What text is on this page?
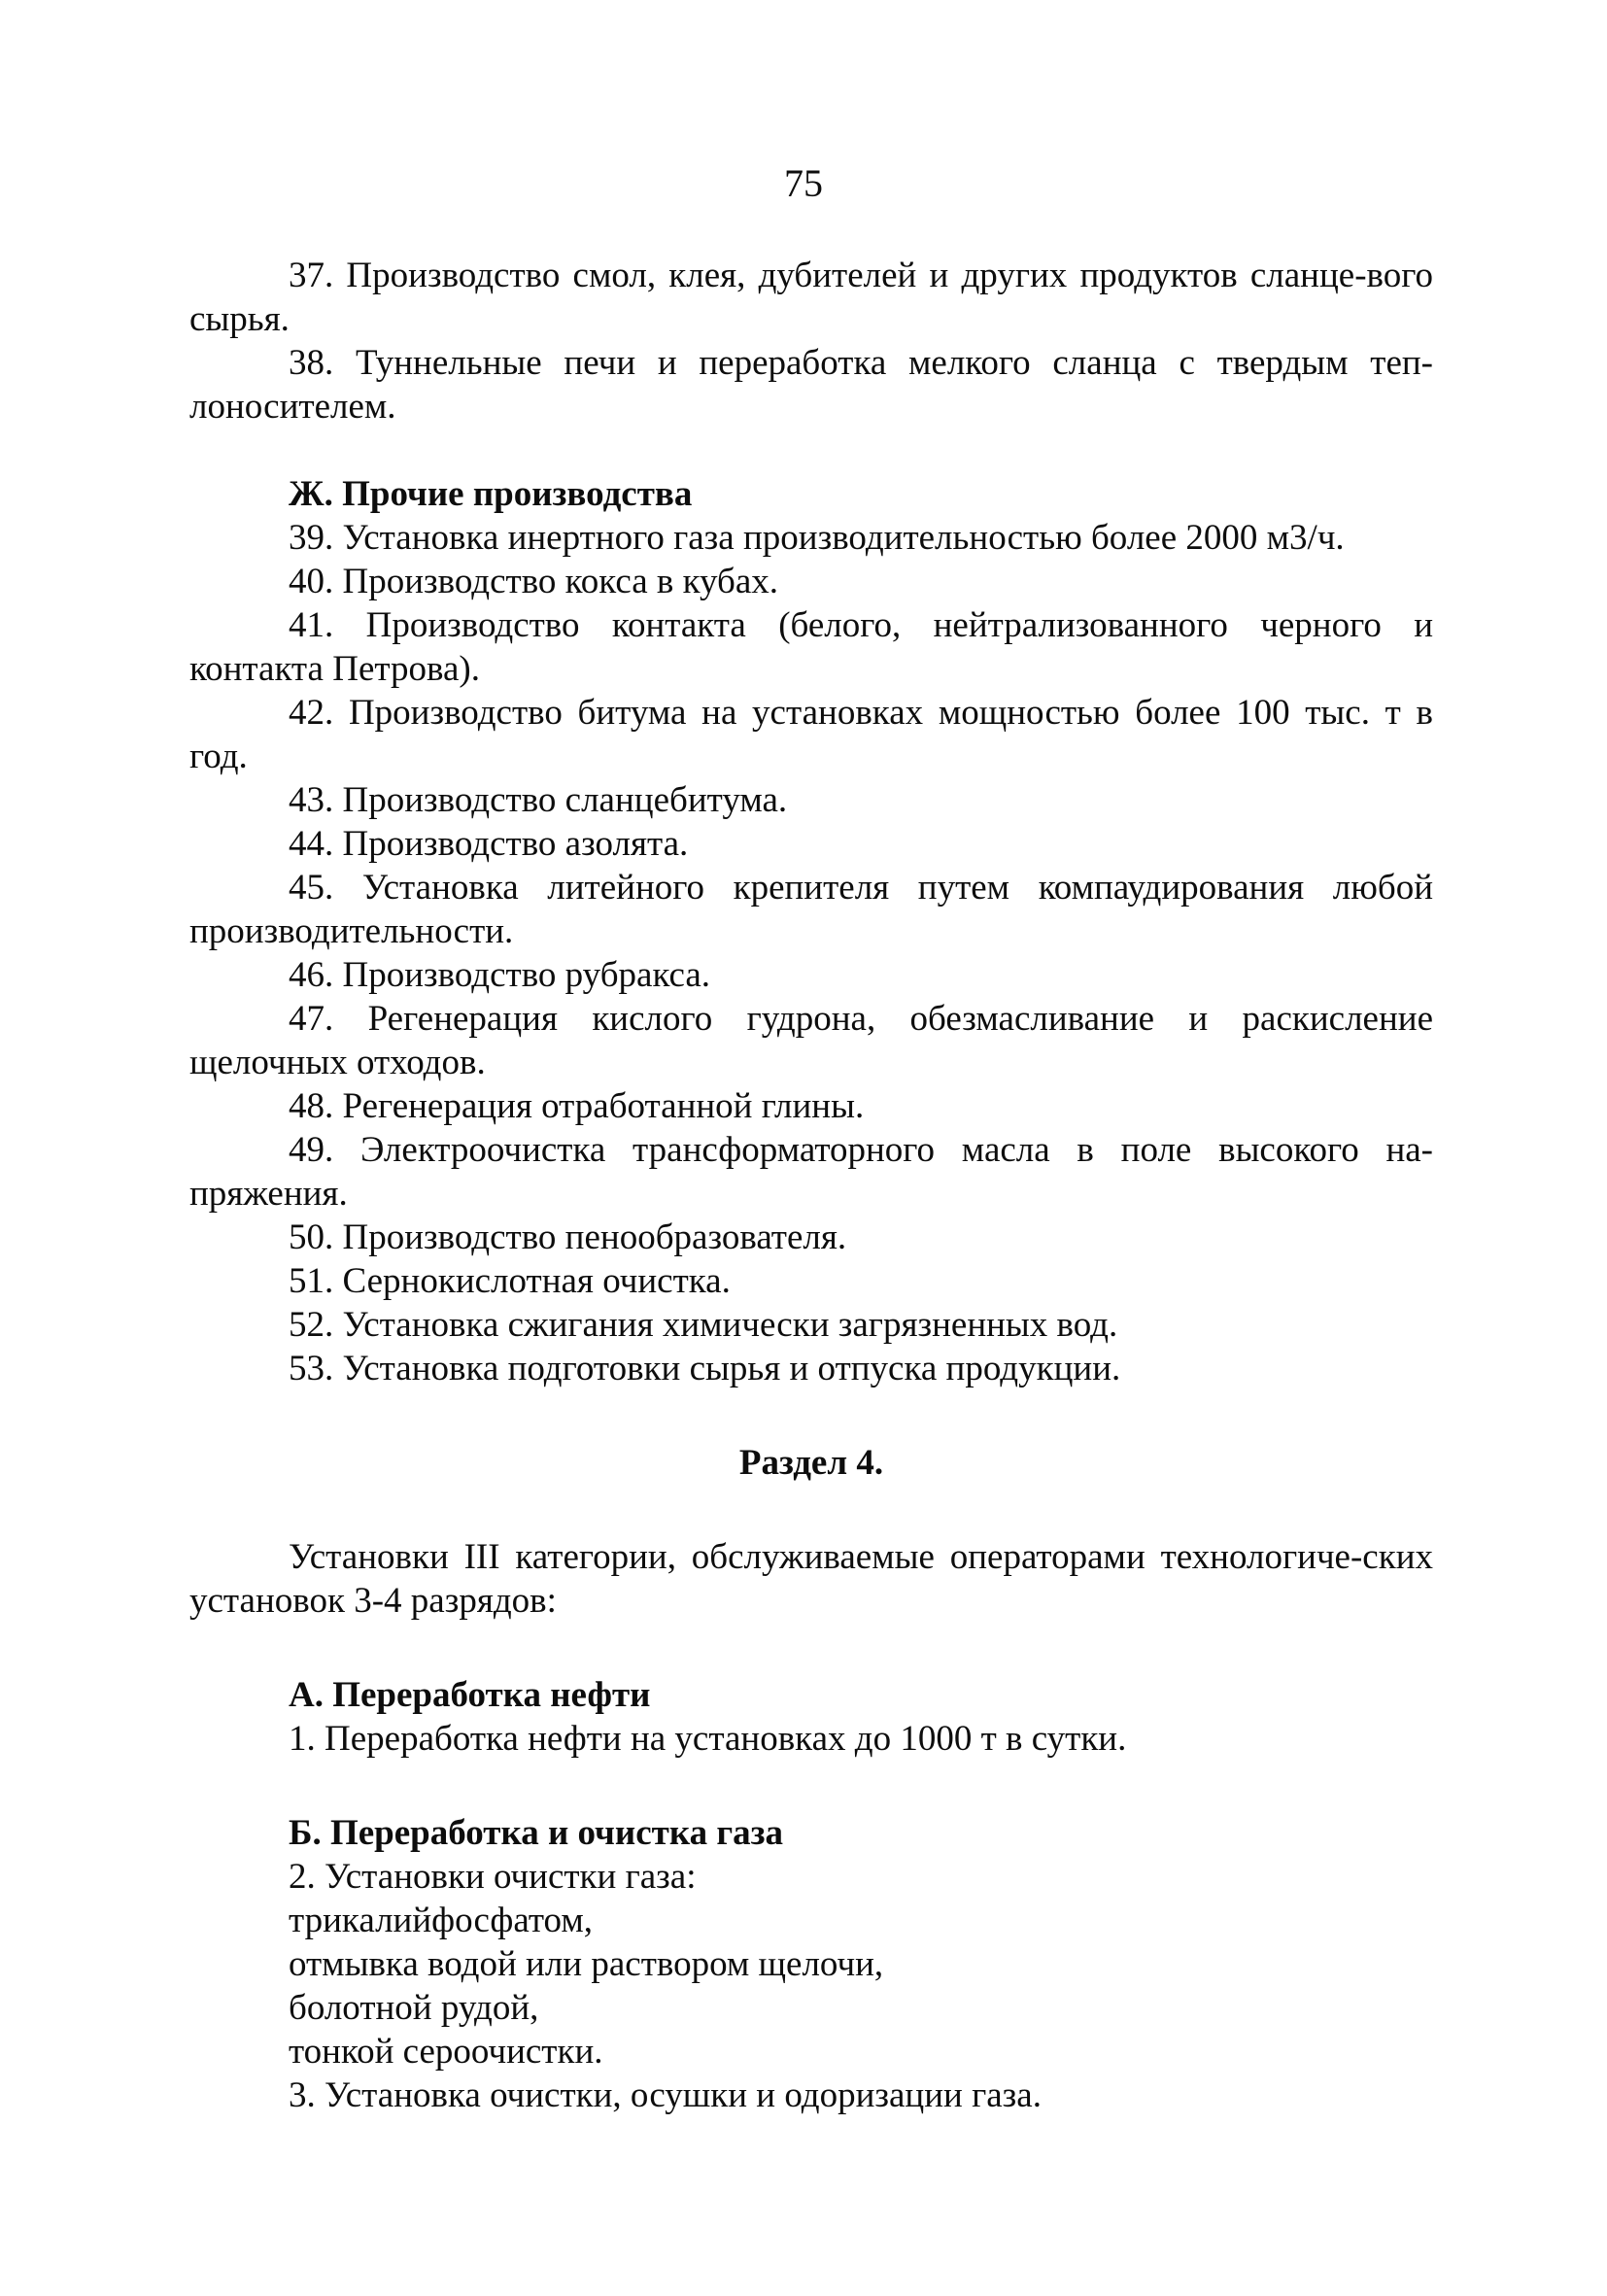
75

37. Производство смол, клея, дубителей и других продуктов сланце-вого сырья.

38. Туннельные печи и переработка мелкого сланца с твердым теп-лоносителем.

Ж. Прочие производства

39. Установка инертного газа производительностью более 2000 м3/ч.

40. Производство кокса в кубах.

41. Производство контакта (белого, нейтрализованного черного и контакта Петрова).

42. Производство битума на установках мощностью более 100 тыс. т в год.

43. Производство сланцебитума.

44. Производство азолята.

45. Установка литейного крепителя путем компаудирования любой производительности.

46. Производство рубракса.

47. Регенерация кислого гудрона, обезмасливание и раскисление щелочных отходов.

48. Регенерация отработанной глины.

49. Электроочистка трансформаторного масла в поле высокого на-пряжения.

50. Производство пенообразователя.

51. Сернокислотная очистка.

52. Установка сжигания химически загрязненных вод.

53. Установка подготовки сырья и отпуска продукции.

Раздел 4.

Установки III категории, обслуживаемые операторами технологиче-ских установок 3-4 разрядов:

А. Переработка нефти

1. Переработка нефти на установках до 1000 т в сутки.

Б. Переработка и очистка газа

2. Установки очистки газа:

трикалийфосфатом,

отмывка водой или раствором щелочи,

болотной рудой,

тонкой сероочистки.

3. Установка очистки, осушки и одоризации газа.
